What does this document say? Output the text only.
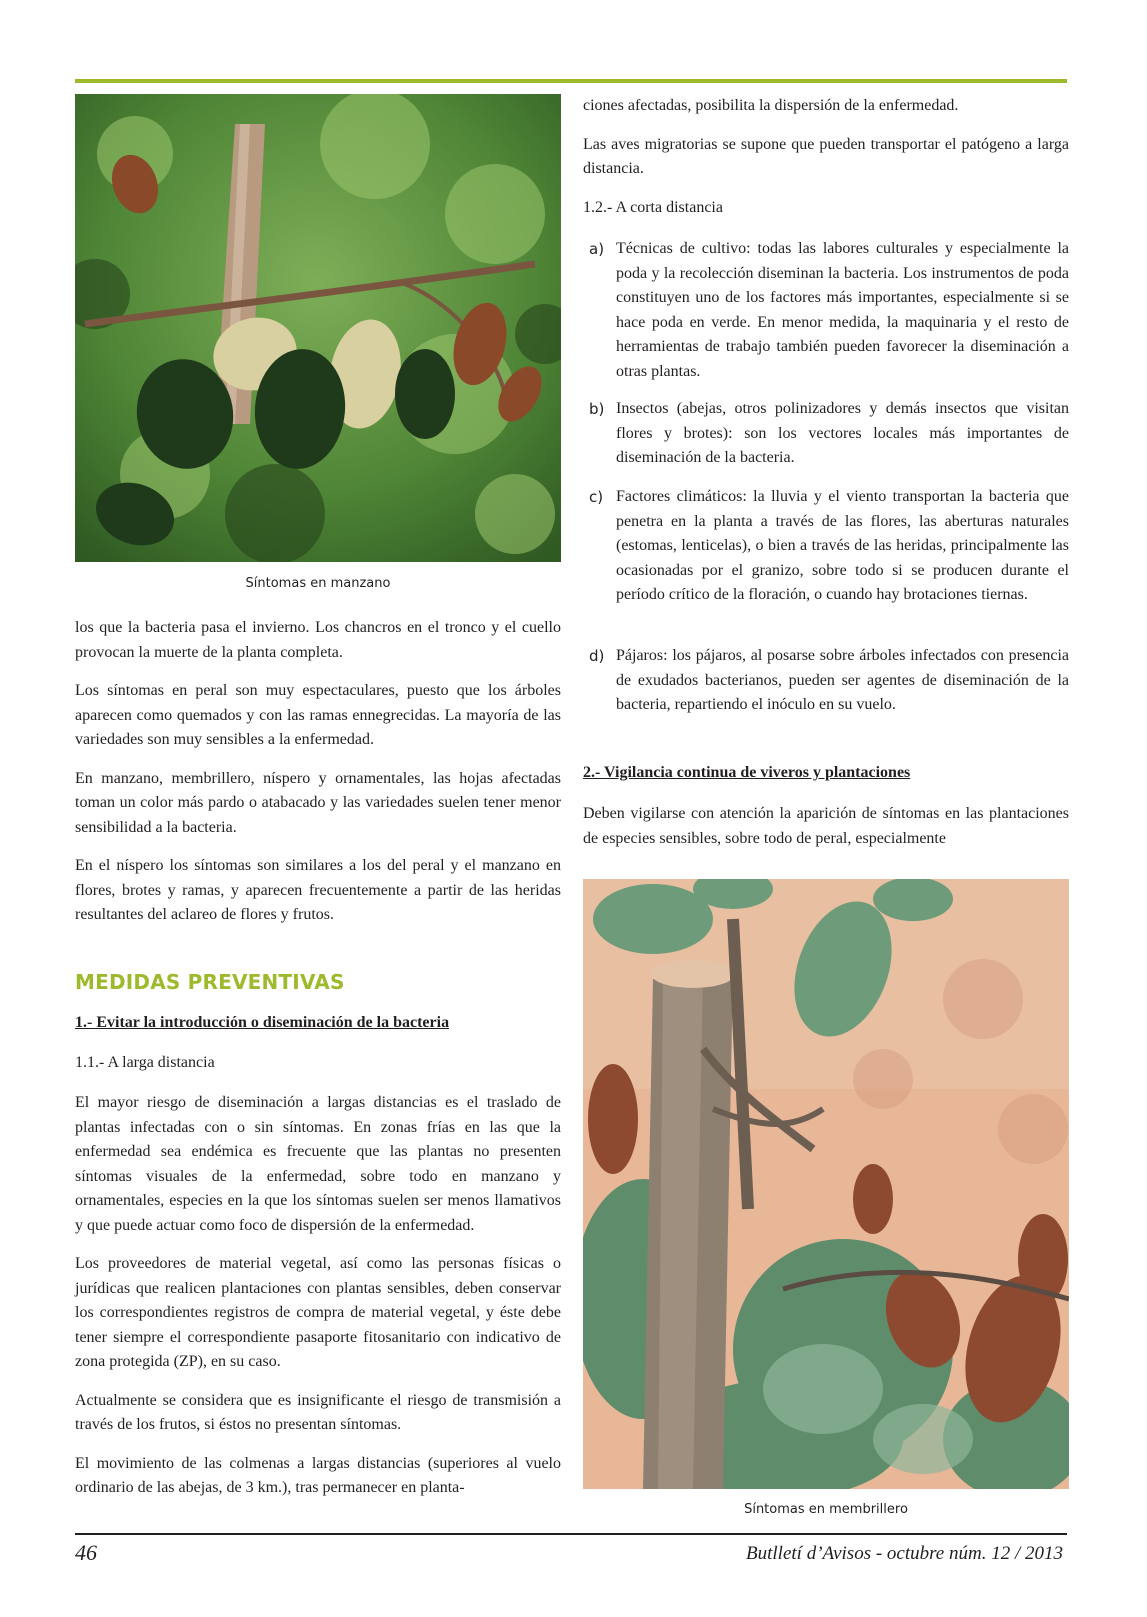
Síntomas en manzano

los que la bacteria pasa el invierno. Los chancros en el tronco y el cuello provocan la muerte de la planta completa.

Los síntomas en peral son muy espectaculares, puesto que los árboles aparecen como quemados y con las ramas ennegrecidas. La mayoría de las variedades son muy sensibles a la enfermedad.

En manzano, membrillero, níspero y ornamentales, las hojas afectadas toman un color más pardo o atabacado y las variedades suelen tener menor sensibilidad a la bacteria.

En el níspero los síntomas son similares a los del peral y el manzano en flores, brotes y ramas, y aparecen frecuentemente a partir de las heridas resultantes del aclareo de flores y frutos.

MEDIDAS PREVENTIVAS
1.- Evitar la introducción o diseminación de la bacteria
1.1.- A larga distancia

El mayor riesgo de diseminación a largas distancias es el traslado de plantas infectadas con o sin síntomas. En zonas frías en las que la enfermedad sea endémica es frecuente que las plantas no presenten síntomas visuales de la enfermedad, sobre todo en manzano y ornamentales, especies en la que los síntomas suelen ser menos llamativos y que puede actuar como foco de dispersión de la enfermedad.

Los proveedores de material vegetal, así como las personas físicas o jurídicas que realicen plantaciones con plantas sensibles, deben conservar los correspondientes registros de compra de material vegetal, y éste debe tener siempre el correspondiente pasaporte fitosanitario con indicativo de zona protegida (ZP), en su caso.

Actualmente se considera que es insignificante el riesgo de transmisión a través de los frutos, si éstos no presentan síntomas.

El movimiento de las colmenas a largas distancias (superiores al vuelo ordinario de las abejas, de 3 km.), tras permanecer en planta-

ciones afectadas, posibilita la dispersión de la enfermedad.

Las aves migratorias se supone que pueden transportar el patógeno a larga distancia.

1.2.- A corta distancia
a) Técnicas de cultivo: todas las labores culturales y especialmente la poda y la recolección diseminan la bacteria. Los instrumentos de poda constituyen uno de los factores más importantes, especialmente si se hace poda en verde. En menor medida, la maquinaria y el resto de herramientas de trabajo también pueden favorecer la diseminación a otras plantas.
b) Insectos (abejas, otros polinizadores y demás insectos que visitan flores y brotes): son los vectores locales más importantes de diseminación de la bacteria.
c) Factores climáticos: la lluvia y el viento transportan la bacteria que penetra en la planta a través de las flores, las aberturas naturales (estomas, lenticelas), o bien a través de las heridas, principalmente las ocasionadas por el granizo, sobre todo si se producen durante el período crítico de la floración, o cuando hay brotaciones tiernas.
d) Pájaros: los pájaros, al posarse sobre árboles infectados con presencia de exudados bacterianos, pueden ser agentes de diseminación de la bacteria, repartiendo el inóculo en su vuelo.
2.- Vigilancia continua de viveros y plantaciones

Deben vigilarse con atención la aparición de síntomas en las plantaciones de especies sensibles, sobre todo de peral, especialmente

Síntomas en membrillero
46	Butlletí d’Avisos - octubre núm. 12 / 2013
